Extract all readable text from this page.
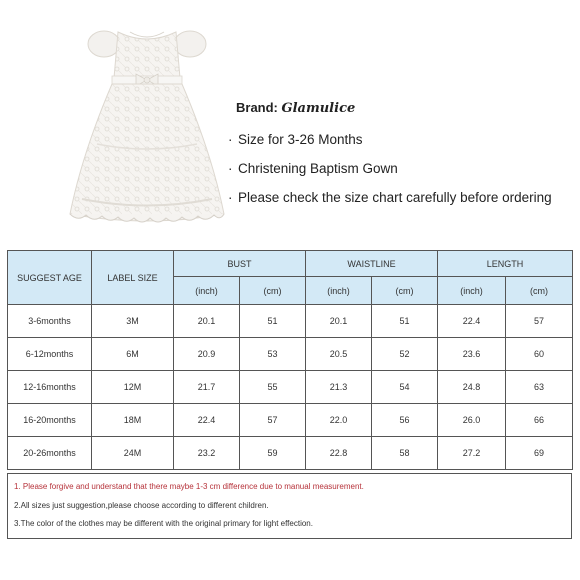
Brand: Glamulice
· Size for 3-26 Months
· Christening Baptism Gown
· Please check the size chart carefully before ordering
SUGGEST AGE	LABEL SIZE	BUST		WAISTLINE		LENGTH	
		(inch)	(cm)	(inch)	(cm)	(inch)	(cm)
3-6months	3M	20.1	51	20.1	51	22.4	57
6-12months	6M	20.9	53	20.5	52	23.6	60
12-16months	12M	21.7	55	21.3	54	24.8	63
16-20months	18M	22.4	57	22.0	56	26.0	66
20-26months	24M	23.2	59	22.8	58	27.2	69
1. Please forgive and understand that there maybe 1-3 cm difference due to manual measurement.
2.All sizes just suggestion,please choose according to different children.
3.The color of the clothes may be different with the original primary for light effection.
